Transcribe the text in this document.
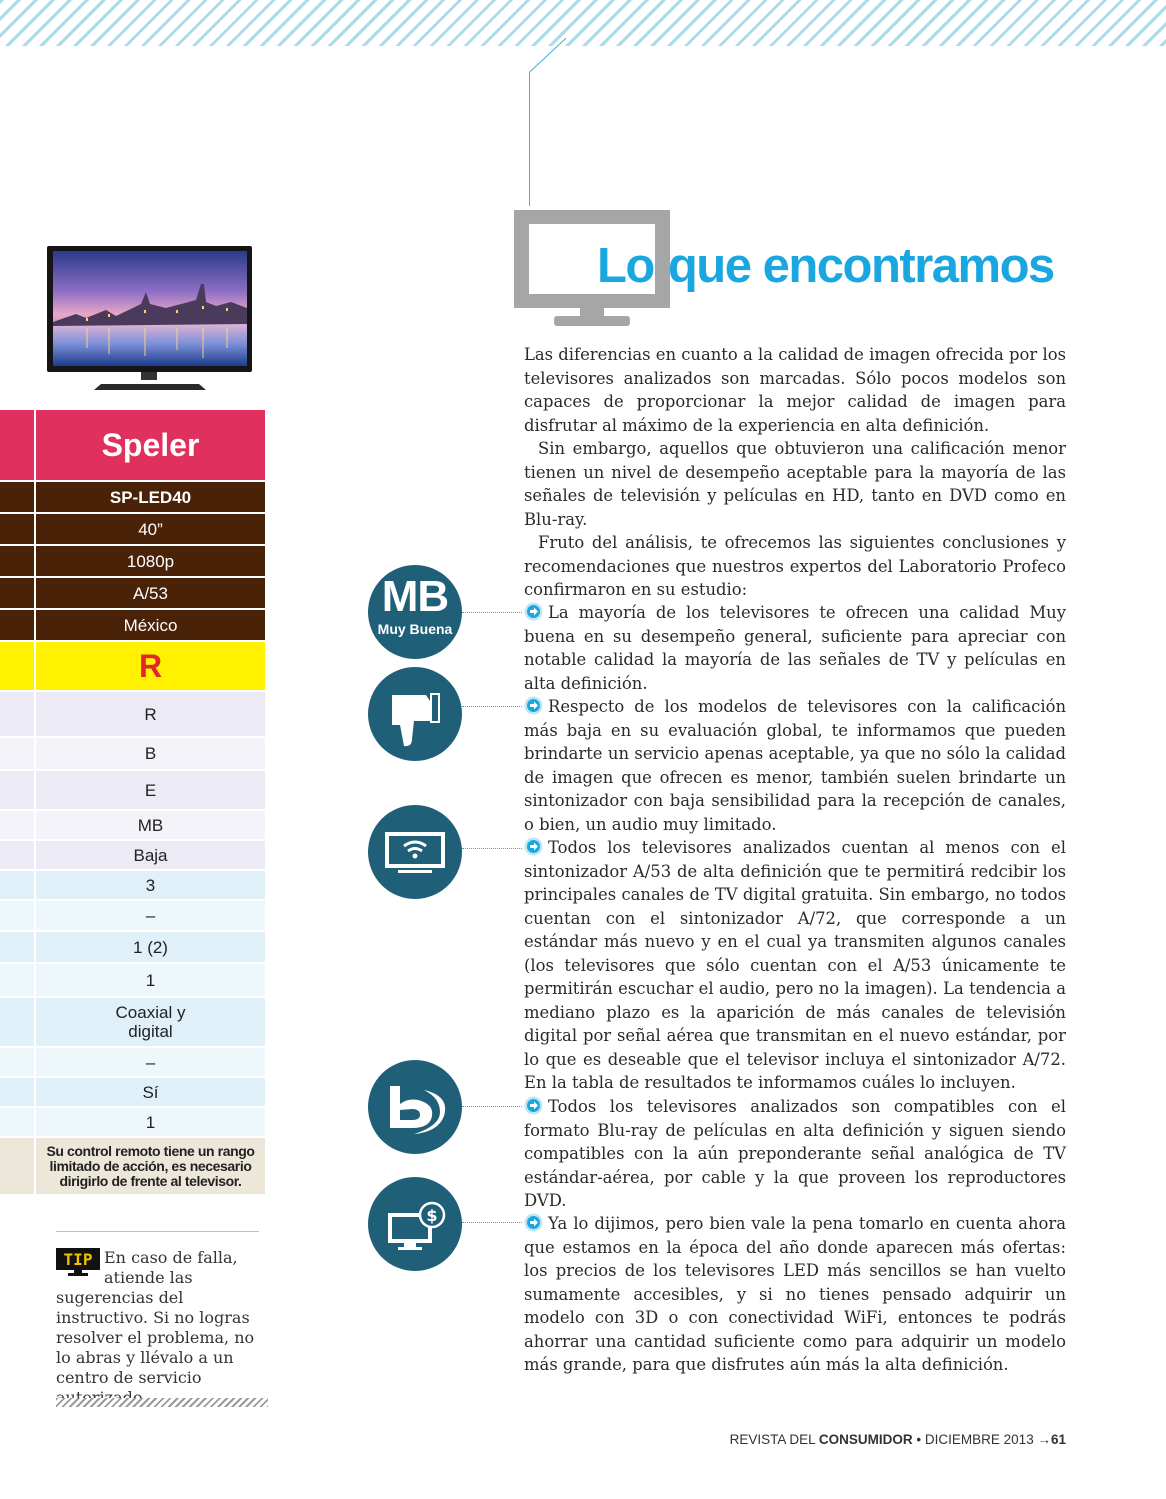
Speler
SP-LED40
40”
1080p
A/53
México
R
R
B
E
MB
Baja
3
–
1 (2)
1
Coaxial y digital
–
Sí
1
Su control remoto tiene un rango limitado de acción, es necesario dirigirlo de frente al televisor.
TIP En caso de falla, atiende las sugerencias del instructivo. Si no logras resolver el problema, no lo abras y llévalo a un centro de servicio
Lo que encontramos

Las diferencias en cuanto a la calidad de imagen ofrecida por los televisores analizados son marcadas. Sólo pocos modelos son capaces de proporcionar la mejor calidad de imagen para disfrutar al máximo de la experiencia en alta definición.

Sin embargo, aquellos que obtuvieron una calificación menor tienen un nivel de desempeño aceptable para la mayoría de las señales de televisión y películas en HD, tanto en DVD como en Blu-ray.

Fruto del análisis, te ofrecemos las siguientes conclusiones y recomendaciones que nuestros expertos del Laboratorio Profeco confirmaron en su estudio:

MB
Muy Buena
$

La mayoría de los televisores te ofrecen una calidad Muy buena en su desempeño general, suficiente para apreciar con notable calidad la mayoría de las señales de TV y películas en alta definición.

Respecto de los modelos de televisores con la calificación más baja en su evaluación global, te informamos que pueden brindarte un servicio apenas aceptable, ya que no sólo la calidad de imagen que ofrecen es menor, también suelen brindarte un sintonizador con baja sensibilidad para la recepción de canales, o bien, un audio muy limitado.

Todos los televisores analizados cuentan al menos con el sintonizador A/53 de alta definición que te permitirá redcibir los principales canales de TV digital gratuita. Sin embargo, no todos cuentan con el sintonizador A/72, que corresponde a un estándar más nuevo y en el cual ya transmiten algunos canales (los televisores que sólo cuentan con el A/53 únicamente te permitirán escuchar el audio, pero no la imagen). La tendencia a mediano plazo es la aparición de más canales de televisión digital por señal aérea que transmitan en el nuevo estándar, por lo que es deseable que el televisor incluya el sintonizador A/72. En la tabla de resultados te informamos cuáles lo incluyen.

Todos los televisores analizados son compatibles con el formato Blu-ray de películas en alta definición y siguen siendo compatibles con la aún preponderante señal analógica de TV estándar-aérea, por cable y la que proveen los reproductores DVD.

Ya lo dijimos, pero bien vale la pena tomarlo en cuenta ahora que estamos en la época del año donde aparecen más ofertas: los precios de los televisores LED más sencillos se han vuelto sumamente accesibles, y si no tienes pensado adquirir un modelo con 3D o con conectividad WiFi, entonces te podrás ahorrar una cantidad suficiente como para adquirir un modelo más grande, para que disfrutes aún más la alta definición.

REVISTA DEL CONSUMIDOR • DICIEMBRE 2013 →61
